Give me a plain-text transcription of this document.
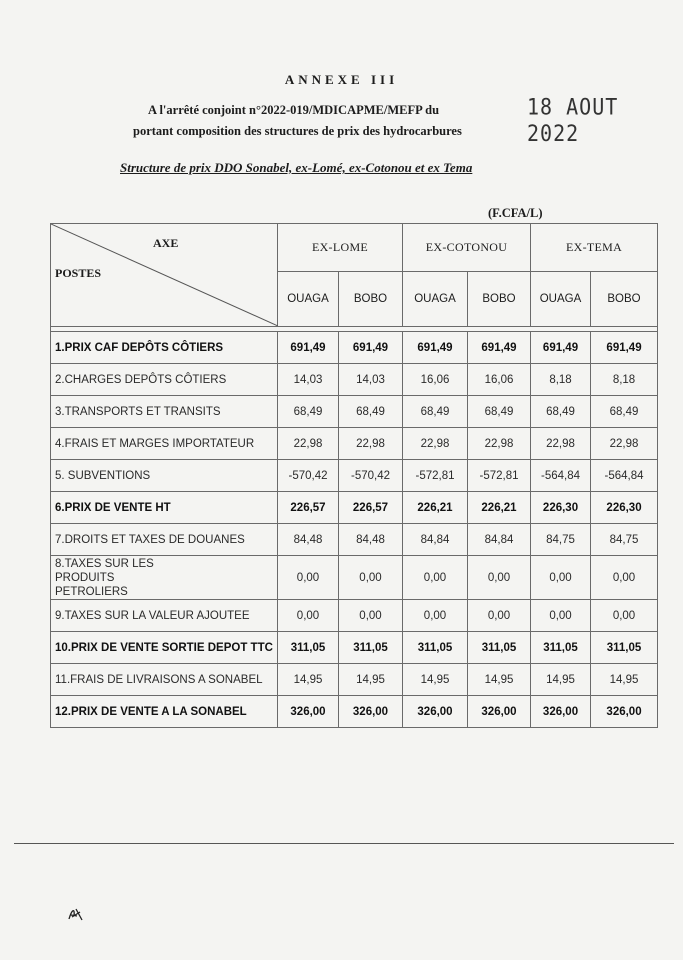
ANNEXE III
A l'arrêté conjoint n°2022-019/MDICAPME/MEFP du	18 AOUT 2022
portant composition des structures de prix des hydrocarbures
Structure de prix DDO Sonabel, ex-Lomé, ex-Cotonou et ex Tema
(F.CFA/L)
AXE
POSTES	EX-LOME		EX-COTONOU		EX-TEMA	
	OUAGA	BOBO	OUAGA	BOBO	OUAGA	BOBO

1.PRIX CAF DEPÔTS CÔTIERS	691,49	691,49	691,49	691,49	691,49	691,49
2.CHARGES DEPÔTS CÔTIERS	14,03	14,03	16,06	16,06	8,18	8,18
3.TRANSPORTS ET TRANSITS	68,49	68,49	68,49	68,49	68,49	68,49
4.FRAIS ET MARGES IMPORTATEUR	22,98	22,98	22,98	22,98	22,98	22,98
5. SUBVENTIONS	-570,42	-570,42	-572,81	-572,81	-564,84	-564,84
6.PRIX DE VENTE HT	226,57	226,57	226,21	226,21	226,30	226,30
7.DROITS ET TAXES DE DOUANES	84,48	84,48	84,84	84,84	84,75	84,75
8.TAXES SUR LES PRODUITS PETROLIERS	0,00	0,00	0,00	0,00	0,00	0,00
9.TAXES SUR LA VALEUR AJOUTEE	0,00	0,00	0,00	0,00	0,00	0,00
10.PRIX DE VENTE SORTIE DEPOT TTC	311,05	311,05	311,05	311,05	311,05	311,05
11.FRAIS DE LIVRAISONS A SONABEL	14,95	14,95	14,95	14,95	14,95	14,95
12.PRIX DE VENTE A LA SONABEL	326,00	326,00	326,00	326,00	326,00	326,00
